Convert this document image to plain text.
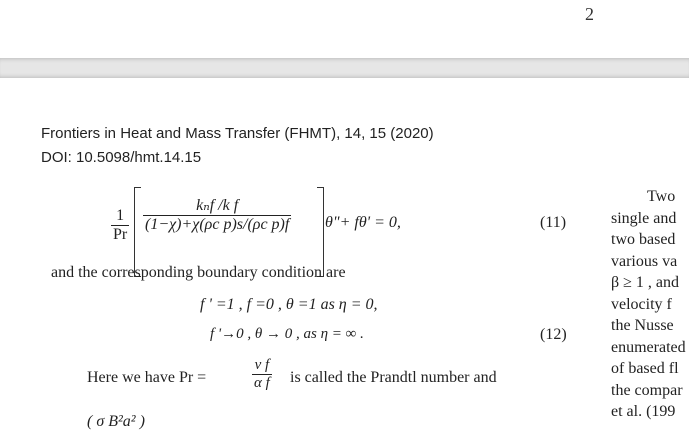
2
Frontiers in Heat and Mass Transfer (FHMT), 14, 15 (2020)
DOI: 10.5098/hmt.14.15
$\frac{1}{Pr} \frac{\text{kₙf /k f}}{\text{(1−χ)+χ(ρc p)s/(ρc p)f}}$ θ"+ fθ' = 0,	(11)
and the corresponding boundary condition are
f ' =1 , f =0 , θ =1 as η = 0,
f '→0 , θ → 0 , as η = ∞ .	(12)
Here we have Pr =	$\frac{\text{ν f}}{\text{α f}}$ is called the Prandtl number and
( σ B²a² )
Two
single and
two based
various va
β ≥ 1 , and
velocity f
the Nusse
enumerated
of based fl
the compar
et al. (199
